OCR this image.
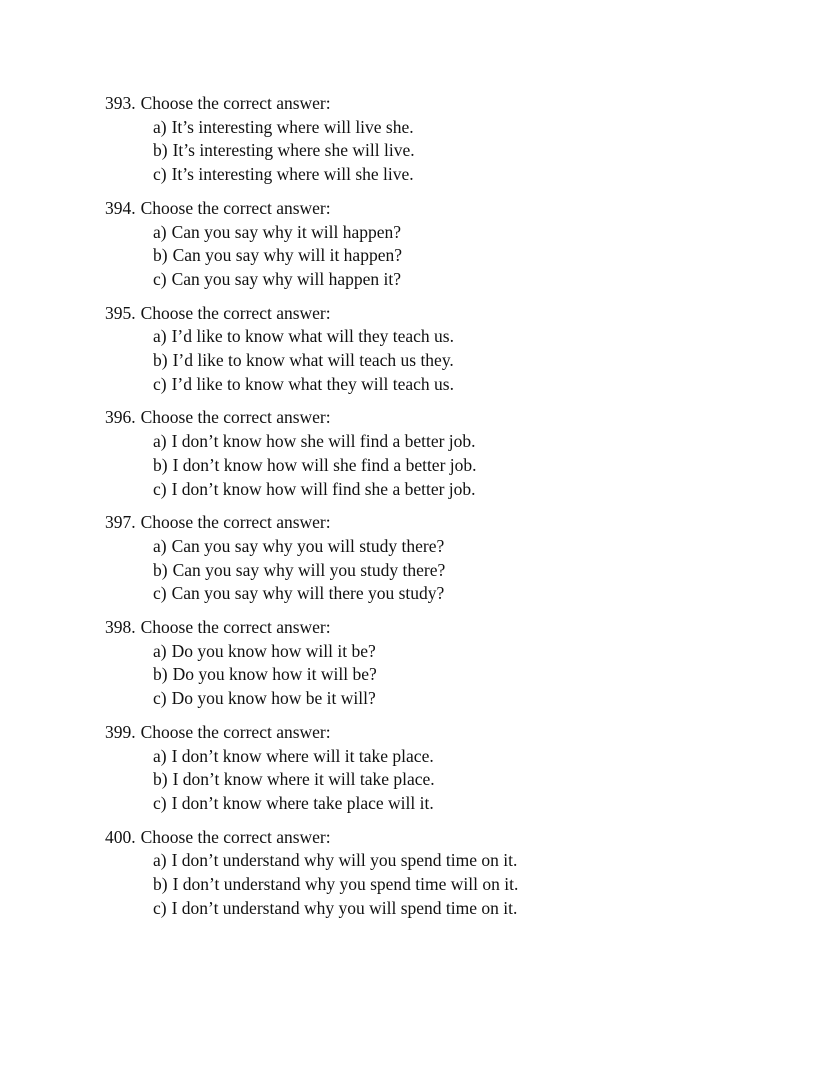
393. Choose the correct answer:
a) It’s interesting where will live she.
b) It’s interesting where she will live.
c) It’s interesting where will she live.
394. Choose the correct answer:
a) Can you say why it will happen?
b) Can you say why will it happen?
c) Can you say why will happen it?
395. Choose the correct answer:
a) I’d like to know what will they teach us.
b) I’d like to know what will teach us they.
c) I’d like to know what they will teach us.
396. Choose the correct answer:
a) I don’t know how she will find a better job.
b) I don’t know how will she find a better job.
c) I don’t know how will find she a better job.
397. Choose the correct answer:
a) Can you say why you will study there?
b) Can you say why will you study there?
c) Can you say why will there you study?
398. Choose the correct answer:
a) Do you know how will it be?
b) Do you know how it will be?
c) Do you know how be it will?
399. Choose the correct answer:
a) I don’t know where will it take place.
b) I don’t know where it will take place.
c) I don’t know where take place will it.
400. Choose the correct answer:
a) I don’t understand why will you spend time on it.
b) I don’t understand why you spend time will on it.
c) I don’t understand why you will spend time on it.
